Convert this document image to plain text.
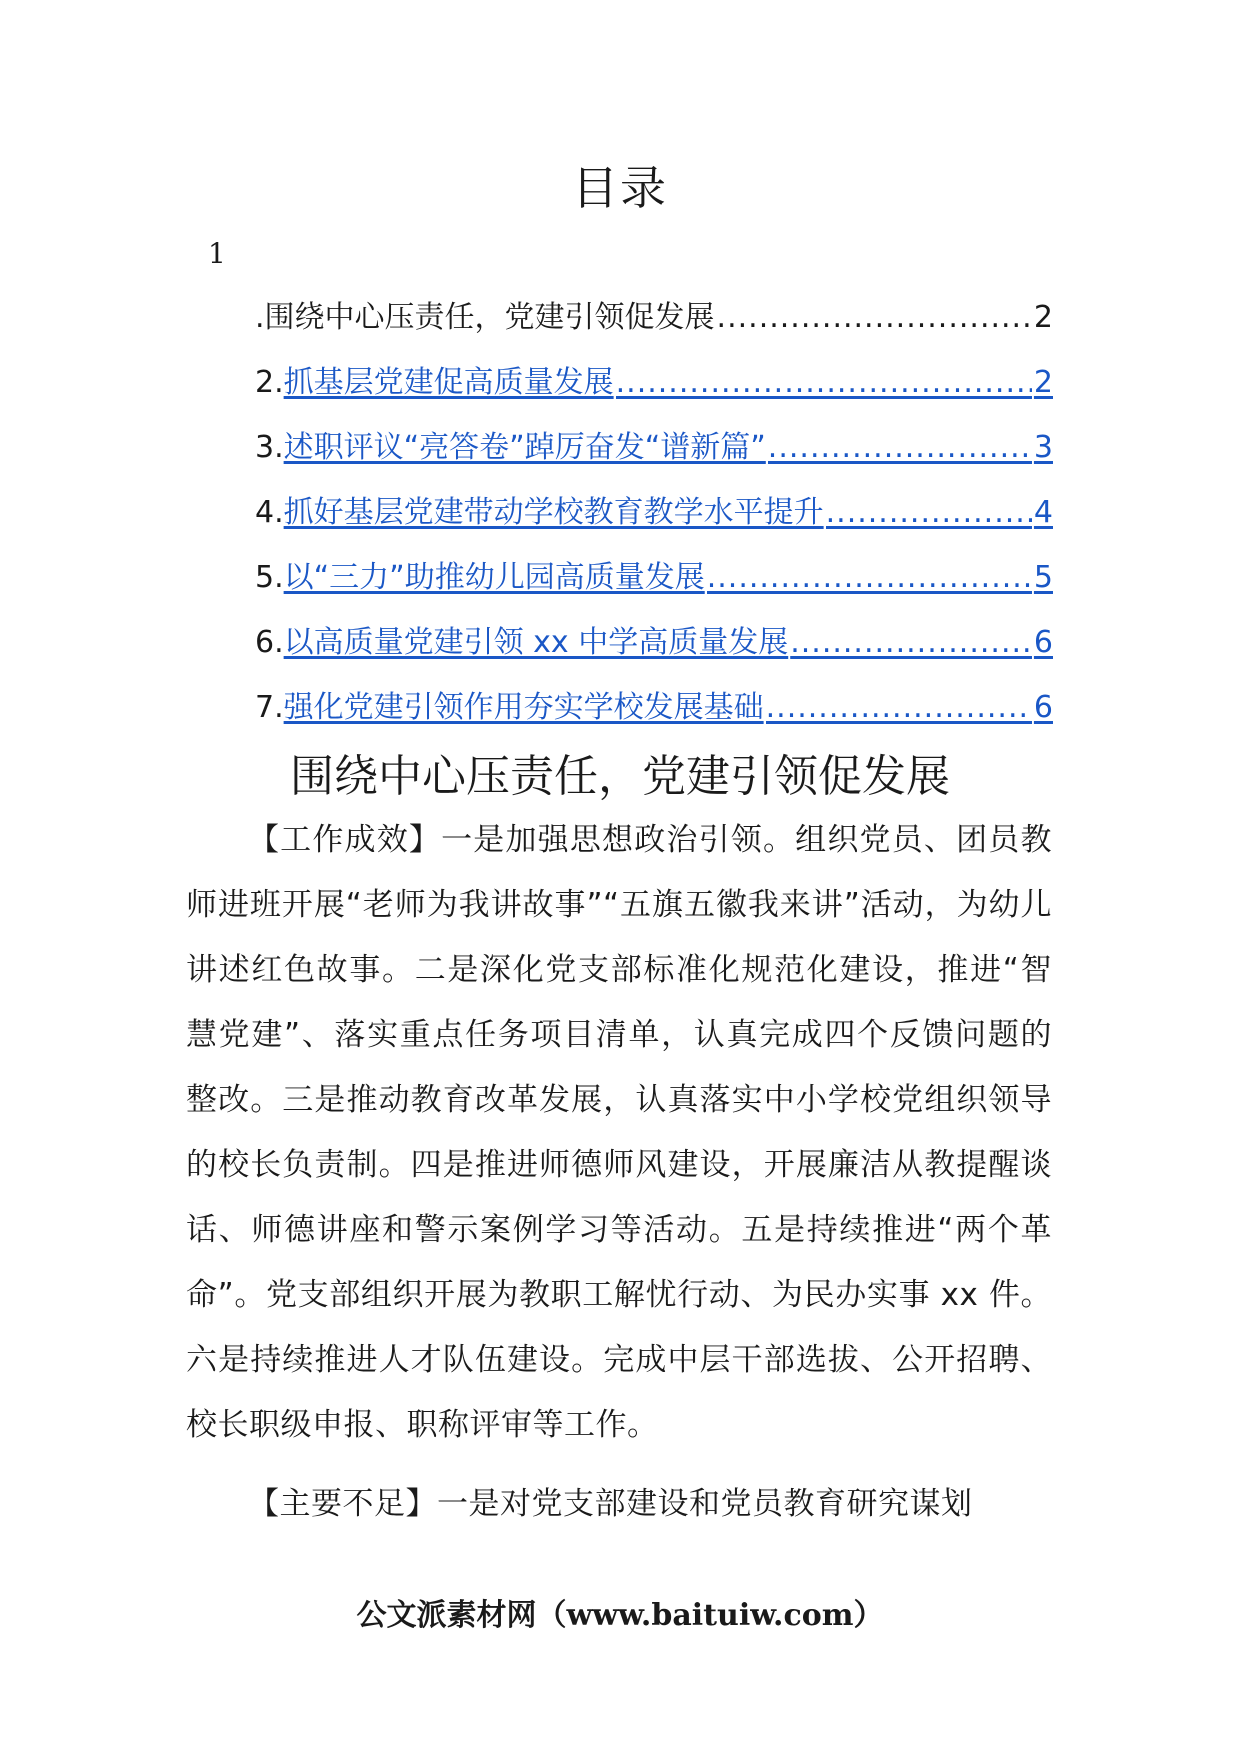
目录
1
. 围绕中心压责任，党建引领促发展 .....	2
2. 抓基层党建促高质量发展 .....	2
3. 述职评议“亮答卷”踔厉奋发“谱新篇” .....	3
4. 抓好基层党建带动学校教育教学水平提升 .....	4
5. 以“三力”助推幼儿园高质量发展 .....	5
6. 以高质量党建引领 xx 中学高质量发展 .....	6
7. 强化党建引领作用夯实学校发展基础 .....	6
围绕中心压责任，党建引领促发展

【工作成效】一是加强思想政治引领。组织党员、团员教师进班开展“老师为我讲故事”“五旗五徽我来讲”活动，为幼儿讲述红色故事。二是深化党支部标准化规范化建设，推进“智慧党建”、落实重点任务项目清单，认真完成四个反馈问题的整改。三是推动教育改革发展，认真落实中小学校党组织领导的校长负责制。四是推进师德师风建设，开展廉洁从教提醒谈话、师德讲座和警示案例学习等活动。五是持续推进“两个革命”。党支部组织开展为教职工解忧行动、为民办实事 xx 件。六是持续推进人才队伍建设。完成中层干部选拔、公开招聘、校长职级申报、职称评审等工作。

【主要不足】一是对党支部建设和党员教育研究谋划

公文派素材网（www.baituiw.com）
